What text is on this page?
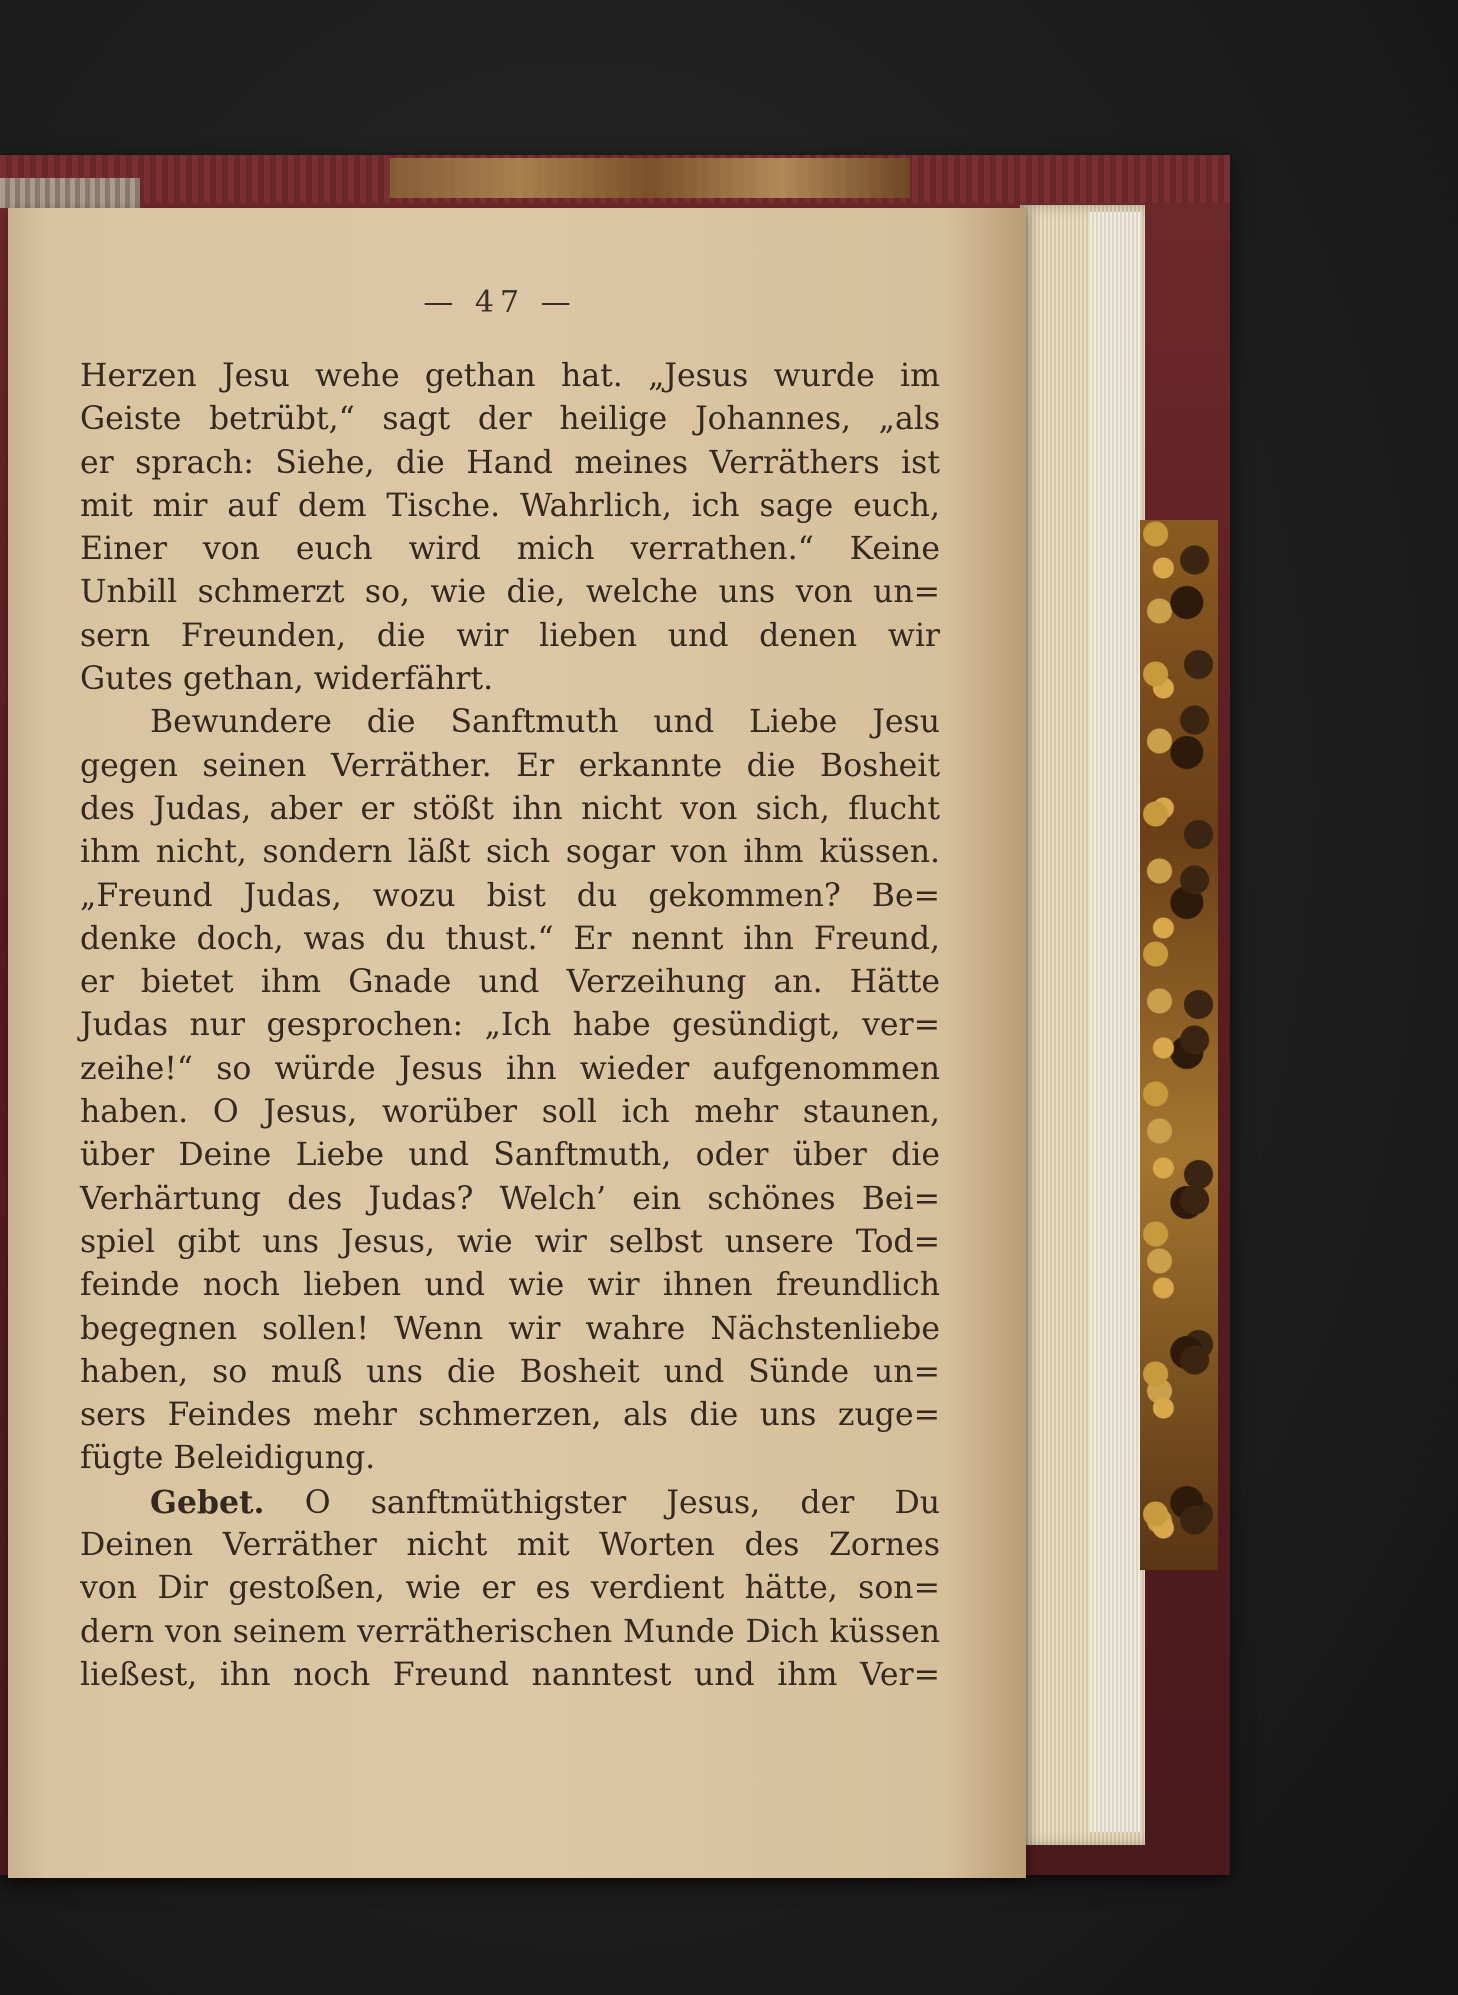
— 47 —
Herzen Jesu wehe gethan hat. „Jesus wurde im
Geiste betrübt,“ sagt der heilige Johannes, „als
er sprach: Siehe, die Hand meines Verräthers ist
mit mir auf dem Tische. Wahrlich, ich sage euch,
Einer von euch wird mich verrathen.“ Keine
Unbill schmerzt so, wie die, welche uns von un=
sern Freunden, die wir lieben und denen wir
Gutes gethan, widerfährt.
Bewundere die Sanftmuth und Liebe Jesu
gegen seinen Verräther. Er erkannte die Bosheit
des Judas, aber er stößt ihn nicht von sich, flucht
ihm nicht, sondern läßt sich sogar von ihm küssen.
„Freund Judas, wozu bist du gekommen? Be=
denke doch, was du thust.“ Er nennt ihn Freund,
er bietet ihm Gnade und Verzeihung an. Hätte
Judas nur gesprochen: „Ich habe gesündigt, ver=
zeihe!“ so würde Jesus ihn wieder aufgenommen
haben. O Jesus, worüber soll ich mehr staunen,
über Deine Liebe und Sanftmuth, oder über die
Verhärtung des Judas? Welch’ ein schönes Bei=
spiel gibt uns Jesus, wie wir selbst unsere Tod=
feinde noch lieben und wie wir ihnen freundlich
begegnen sollen! Wenn wir wahre Nächstenliebe
haben, so muß uns die Bosheit und Sünde un=
sers Feindes mehr schmerzen, als die uns zuge=
fügte Beleidigung.
Gebet. O sanftmüthigster Jesus, der Du
Deinen Verräther nicht mit Worten des Zornes
von Dir gestoßen, wie er es verdient hätte, son=
dern von seinem verrätherischen Munde Dich küssen
ließest, ihn noch Freund nanntest und ihm Ver=
